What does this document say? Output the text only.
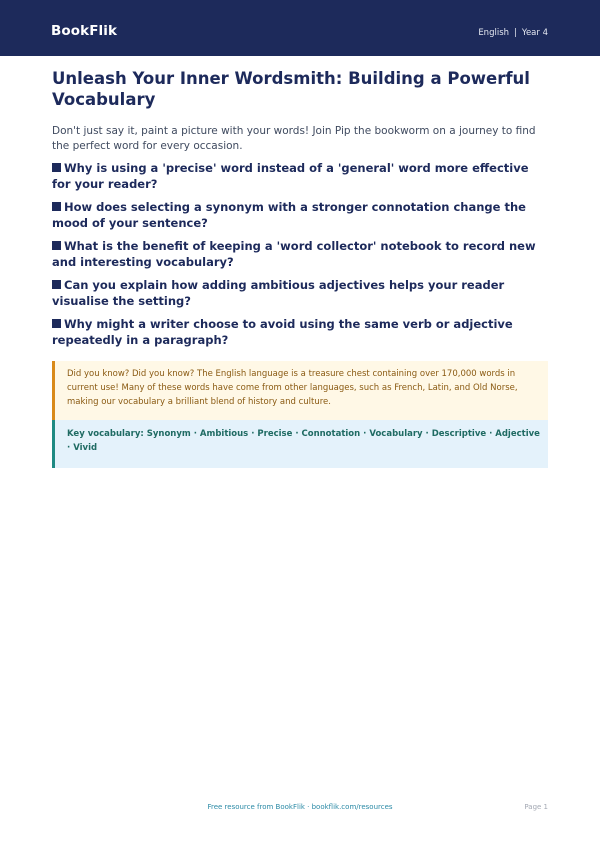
BookFlik	English | Year 4
Unleash Your Inner Wordsmith: Building a Powerful Vocabulary

Don't just say it, paint a picture with your words! Join Pip the bookworm on a journey to find the perfect word for every occasion.

Why is using a 'precise' word instead of a 'general' word more effective for your reader?
How does selecting a synonym with a stronger connotation change the mood of your sentence?
What is the benefit of keeping a 'word collector' notebook to record new and interesting vocabulary?
Can you explain how adding ambitious adjectives helps your reader visualise the setting?
Why might a writer choose to avoid using the same verb or adjective repeatedly in a paragraph?
Did you know? Did you know? The English language is a treasure chest containing over 170,000 words in current use! Many of these words have come from other languages, such as French, Latin, and Old Norse, making our vocabulary a brilliant blend of history and culture.
Key vocabulary: Synonym · Ambitious · Precise · Connotation · Vocabulary · Descriptive · Adjective · Vivid
Free resource from BookFlik · bookflik.com/resources	Page 1
